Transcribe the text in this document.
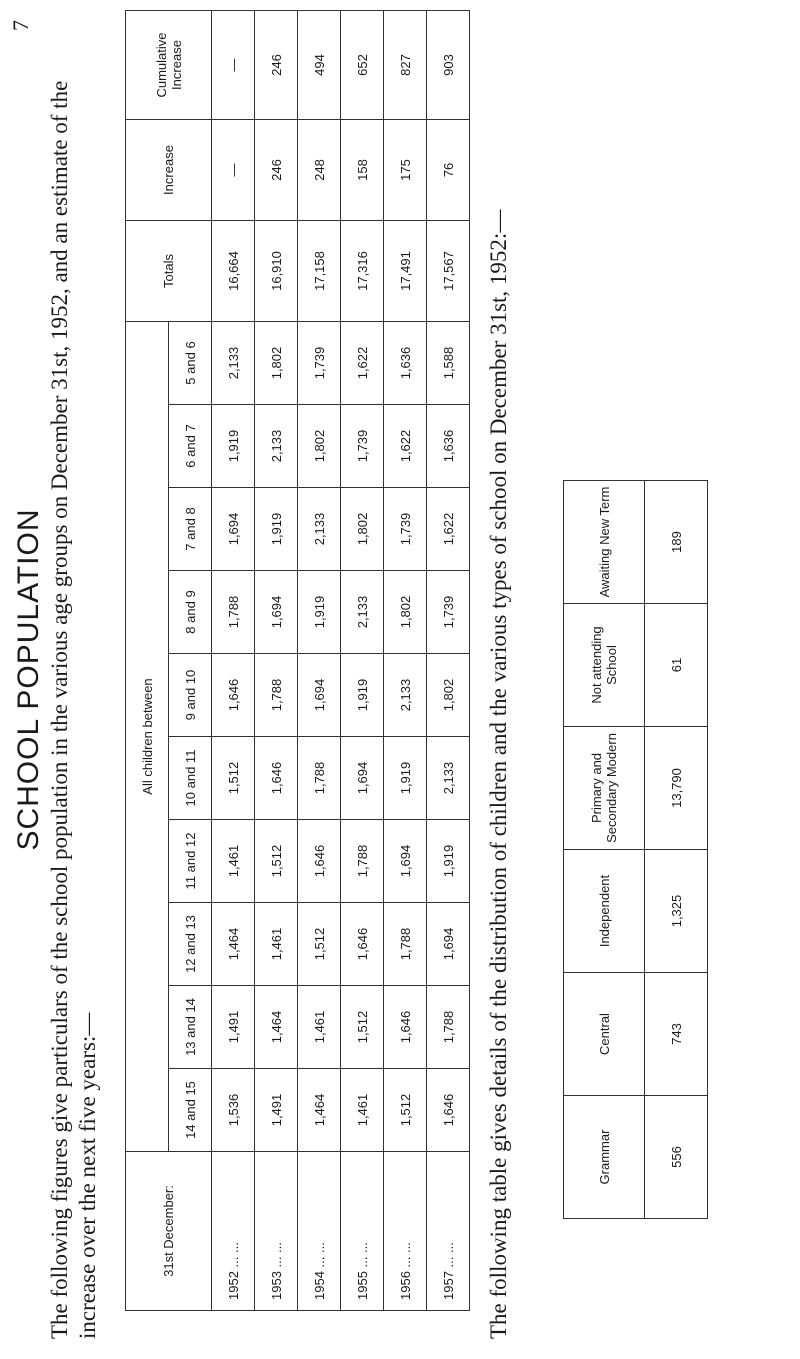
7
SCHOOL POPULATION The following figures give particulars of the school population in the various age groups on December 31st, 1952, and an estimate of the increase over the next five years:—	31st December:	All children between										Totals	Increase	Cumulative Increase
	14 and 15	13 and 14	12 and 13	11 and 12	10 and 11	9 and 10	8 and 9	7 and 8	6 and 7	5 and 6			
1952 ... ...	1,536	1,491	1,464	1,461	1,512	1,646	1,788	1,694	1,919	2,133	16,664	—	—
1953 ... ...	1,491	1,464	1,461	1,512	1,646	1,788	1,694	1,919	2,133	1,802	16,910	246	246
1954 ... ...	1,464	1,461	1,512	1,646	1,788	1,694	1,919	2,133	1,802	1,739	17,158	248	494
1955 ... ...	1,461	1,512	1,646	1,788	1,694	1,919	2,133	1,802	1,739	1,622	17,316	158	652
1956 ... ...	1,512	1,646	1,788	1,694	1,919	2,133	1,802	1,739	1,622	1,636	17,491	175	827
1957 ... ...	1,646	1,788	1,694	1,919	2,133	1,802	1,739	1,622	1,636	1,588	17,567	76	903
The following table gives details of the distribution of children and the various types of school on December 31st, 1952:—	Grammar	Central	Independent	Primary and Secondary Modern	Not attending School	Awaiting New Term
556	743	1,325	13,790	61	189
